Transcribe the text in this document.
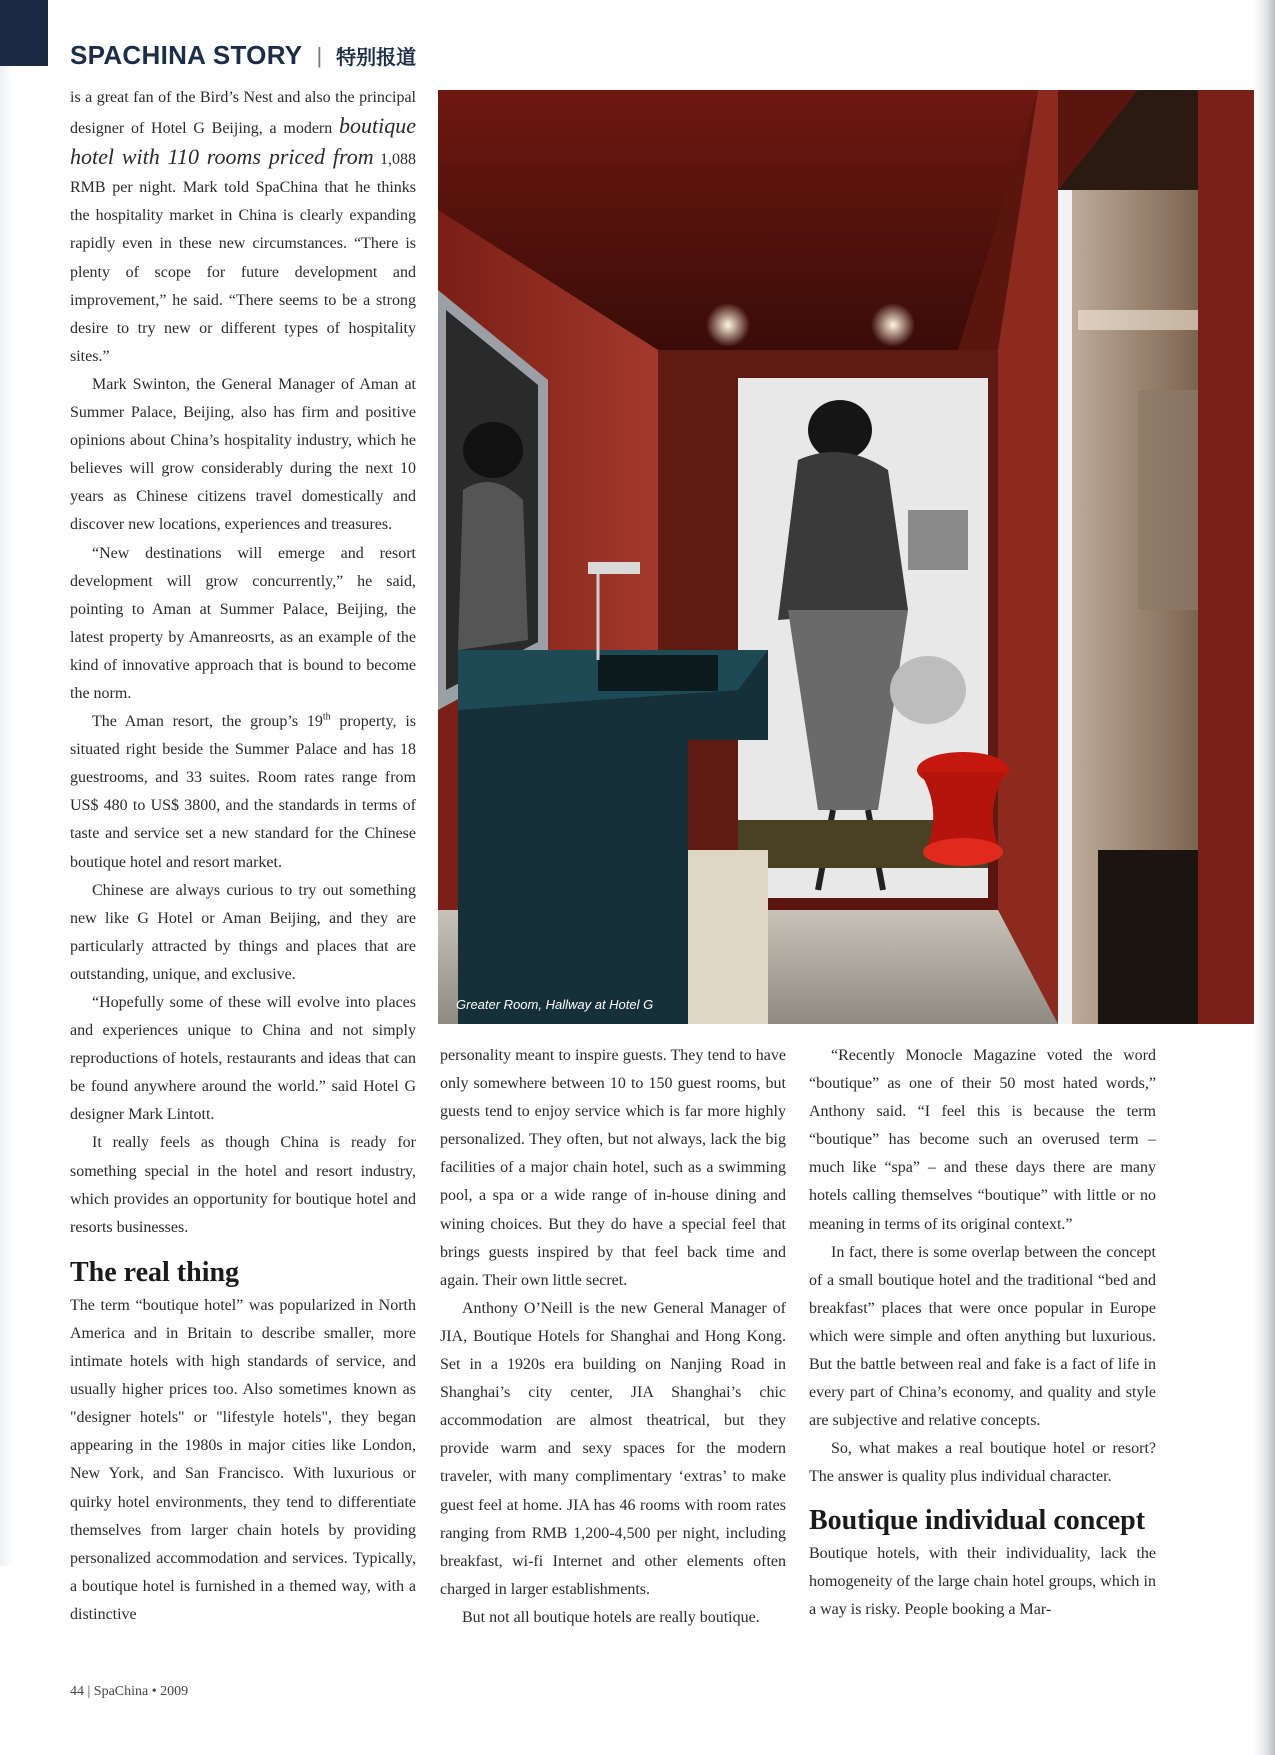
SPACHINA STORY | 特别报道

is a great fan of the Bird’s Nest and also the principal designer of Hotel G Beijing, a modern boutique hotel with 110 rooms priced from 1,088 RMB per night. Mark told SpaChina that he thinks the hospitality market in China is clearly expanding rapidly even in these new circumstances. “There is plenty of scope for future development and improvement,” he said. “There seems to be a strong desire to try new or different types of hospitality sites.”

Mark Swinton, the General Manager of Aman at Summer Palace, Beijing, also has firm and positive opinions about China’s hospitality industry, which he believes will grow considerably during the next 10 years as Chinese citizens travel domestically and discover new locations, experiences and treasures.

“New destinations will emerge and resort development will grow concurrently,” he said, pointing to Aman at Summer Palace, Beijing, the latest property by Amanreosrts, as an example of the kind of innovative approach that is bound to become the norm.

The Aman resort, the group’s 19th property, is situated right beside the Summer Palace and has 18 guestrooms, and 33 suites. Room rates range from US$ 480 to US$ 3800, and the standards in terms of taste and service set a new standard for the Chinese boutique hotel and resort market.

Chinese are always curious to try out something new like G Hotel or Aman Beijing, and they are particularly attracted by things and places that are outstanding, unique, and exclusive.

“Hopefully some of these will evolve into places and experiences unique to China and not simply reproductions of hotels, restaurants and ideas that can be found anywhere around the world.” said Hotel G designer Mark Lintott.

It really feels as though China is ready for something special in the hotel and resort industry, which provides an opportunity for boutique hotel and resorts businesses.

The real thing

The term “boutique hotel” was popularized in North America and in Britain to describe smaller, more intimate hotels with high standards of service, and usually higher prices too. Also sometimes known as "designer hotels" or "lifestyle hotels", they began appearing in the 1980s in major cities like London, New York, and San Francisco. With luxurious or quirky hotel environments, they tend to differentiate themselves from larger chain hotels by providing personalized accommodation and services. Typically, a boutique hotel is furnished in a themed way, with a distinctive

Greater Room, Hallway at Hotel G

personality meant to inspire guests. They tend to have only somewhere between 10 to 150 guest rooms, but guests tend to enjoy service which is far more highly personalized. They often, but not always, lack the big facilities of a major chain hotel, such as a swimming pool, a spa or a wide range of in-house dining and wining choices. But they do have a special feel that brings guests inspired by that feel back time and again. Their own little secret.

Anthony O’Neill is the new General Manager of JIA, Boutique Hotels for Shanghai and Hong Kong. Set in a 1920s era building on Nanjing Road in Shanghai’s city center, JIA Shanghai’s chic accommodation are almost theatrical, but they provide warm and sexy spaces for the modern traveler, with many complimentary ‘extras’ to make guest feel at home. JIA has 46 rooms with room rates ranging from RMB 1,200-4,500 per night, including breakfast, wi-fi Internet and other elements often charged in larger establishments.

But not all boutique hotels are really boutique.

“Recently Monocle Magazine voted the word “boutique” as one of their 50 most hated words,” Anthony said. “I feel this is because the term “boutique” has become such an overused term – much like “spa” – and these days there are many hotels calling themselves “boutique” with little or no meaning in terms of its original context.”

In fact, there is some overlap between the concept of a small boutique hotel and the traditional “bed and breakfast” places that were once popular in Europe which were simple and often anything but luxurious. But the battle between real and fake is a fact of life in every part of China’s economy, and quality and style are subjective and relative concepts.

So, what makes a real boutique hotel or resort? The answer is quality plus individual character.

Boutique individual concept

Boutique hotels, with their individuality, lack the homogeneity of the large chain hotel groups, which in a way is risky. People booking a Mar-

44 | SpaChina • 2009
